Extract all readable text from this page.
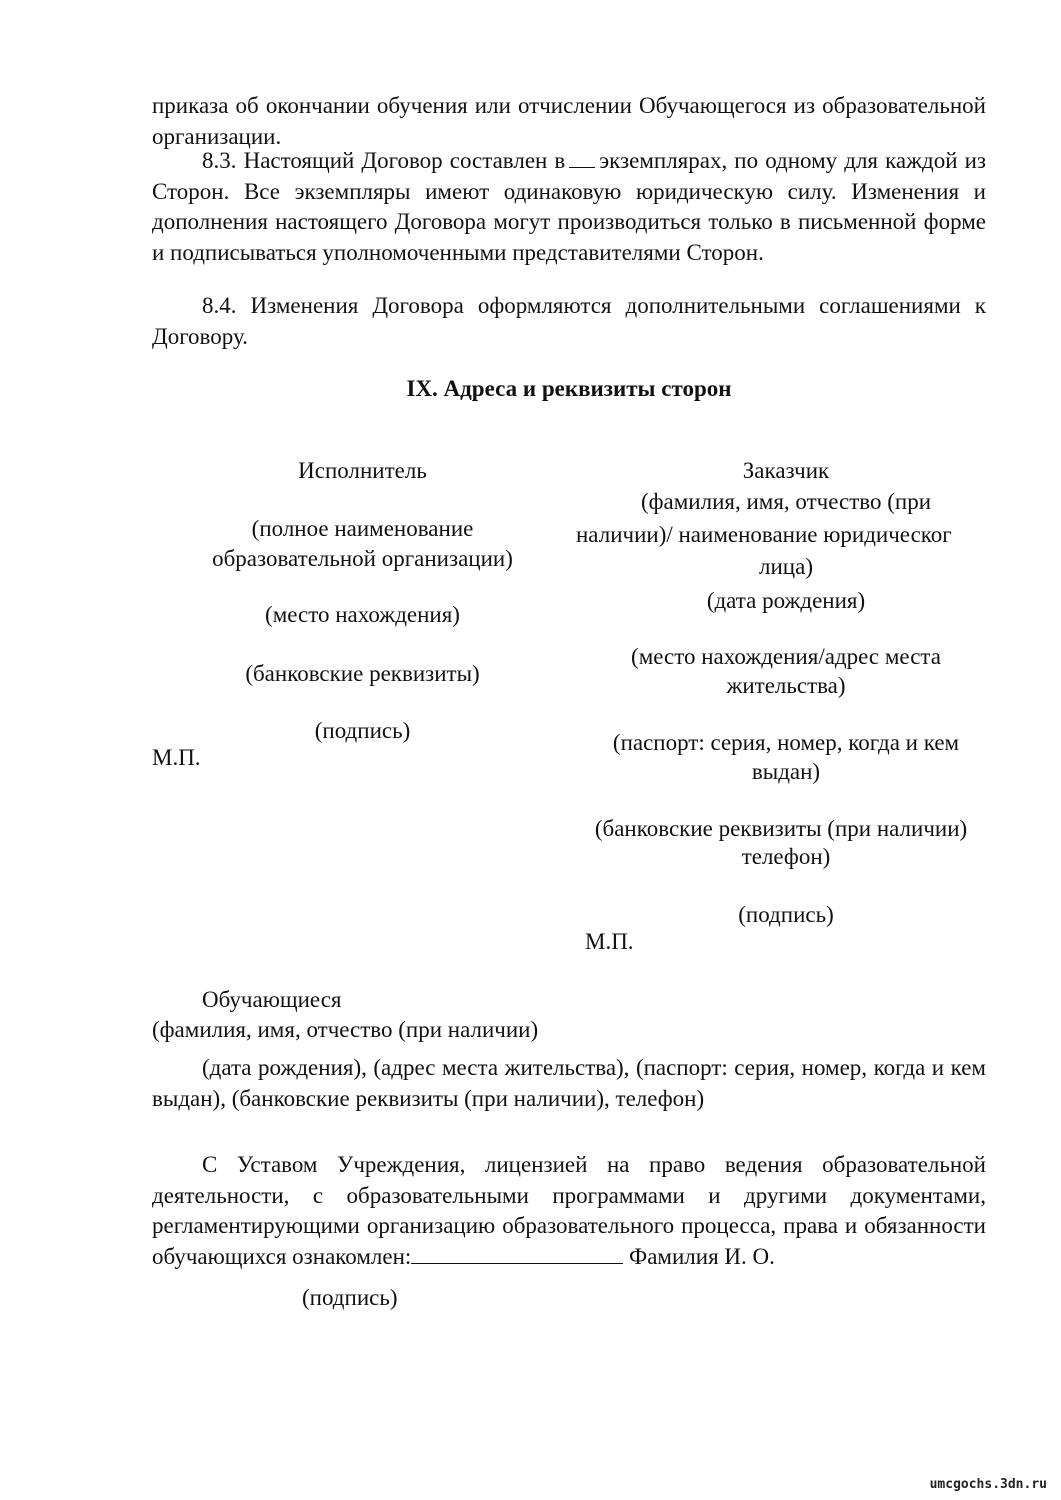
приказа об окончании обучения или отчислении Обучающегося из образовательной организации.
8.3. Настоящий Договор составлен в экземплярах, по одному для каждой из Сторон. Все экземпляры имеют одинаковую юридическую силу. Изменения и дополнения настоящего Договора могут производиться только в письменной форме и подписываться уполномоченными представителями Сторон.
8.4. Изменения Договора оформляются дополнительными соглашениями к Договору.
IX. Адреса и реквизиты сторон
Исполнитель
(полное наименование образовательной организации)
(место нахождения)
(банковские реквизиты)
(подпись)
М.П.
Заказчик
(фамилия, имя, отчество (при
наличии)/ наименование юридическог
лица)
(дата рождения)
(место нахождения/адрес места
жительства)
(паспорт: серия, номер, когда и кем
выдан)
(банковские реквизиты (при наличии)
телефон)
(подпись)
М.П.
Обучающиеся
(фамилия, имя, отчество (при наличии)
(дата рождения), (адрес места жительства), (паспорт: серия, номер, когда и кем выдан), (банковские реквизиты (при наличии), телефон)
С Уставом Учреждения, лицензией на право ведения образовательной деятельности, с образовательными программами и другими документами, регламентирующими организацию образовательного процесса, права и обязанности обучающихся ознакомлен:	Фамилия И. О.
(подпись)
umcgochs.3dn.ru
